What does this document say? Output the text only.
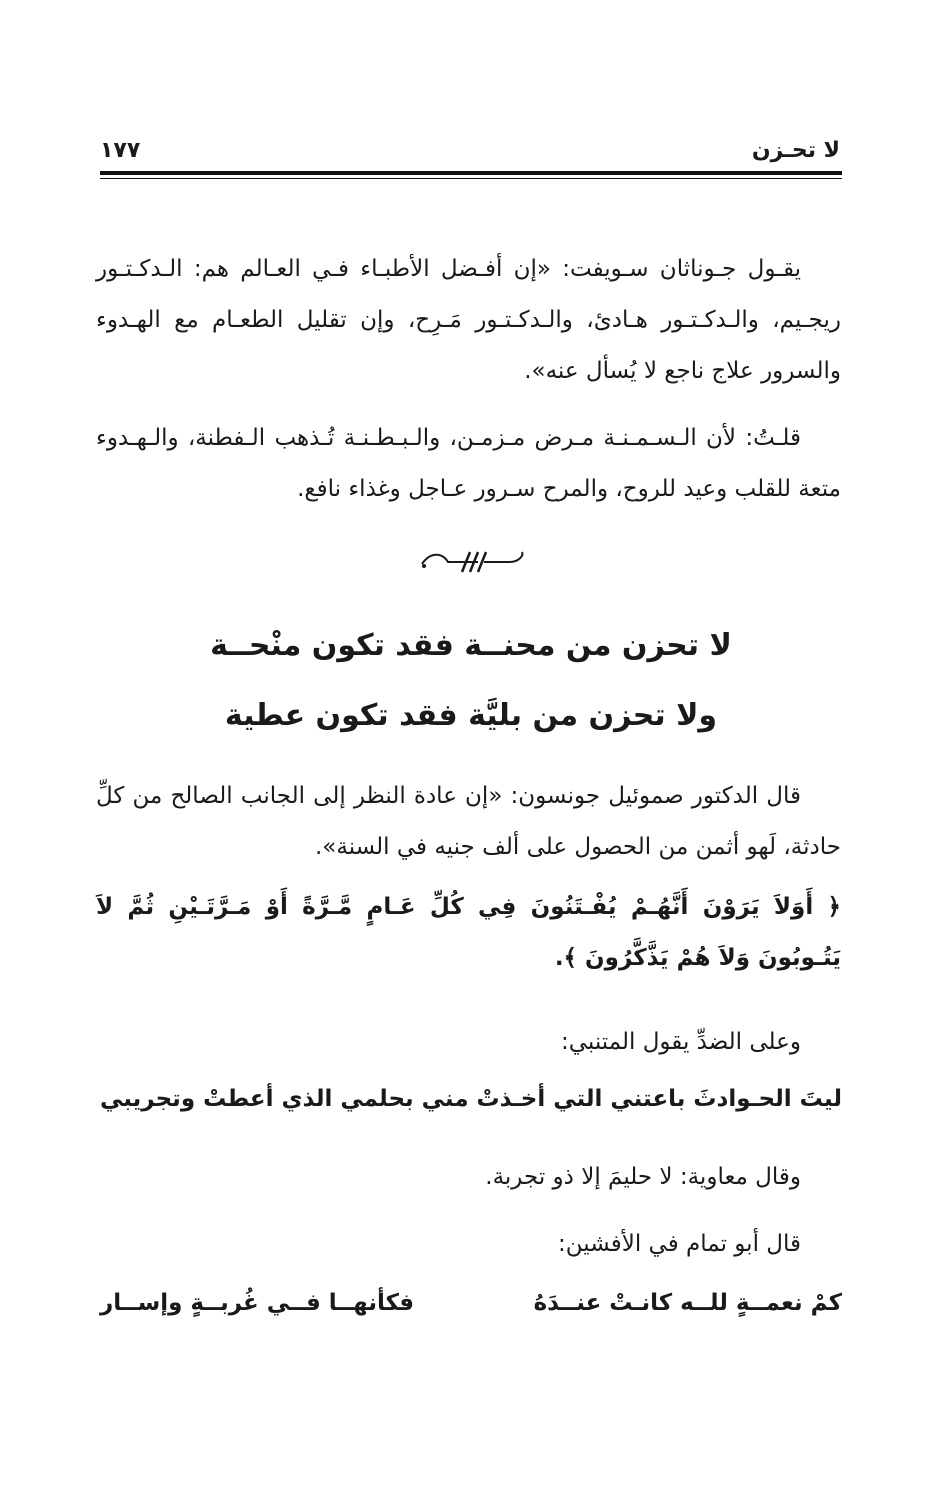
لا تحـزن
١٧٧
يقـول جـوناثان سـويفت: «إن أفـضل الأطبـاء فـي العـالم هم: الـدكـتـور ريجـيم، والـدكـتـور هـادئ، والـدكـتـور مَـرِح، وإن تقليل الطعـام مع الهـدوء والسرور علاج ناجع لا يُسأل عنه».
قلـتُ: لأن الـسـمـنـة مـرض مـزمـن، والـبـطـنـة تُـذهب الـفطنة، والـهـدوء متعة للقلب وعيد للروح، والمرح سـرور عـاجل وغذاء نافع.
لا تحزن من محنــة فقد تكون منْحــة
ولا تحزن من بليَّة فقد تكون عطية
قال الدكتور صموئيل جونسون: «إن عادة النظر إلى الجانب الصالح من كلِّ حادثة، لَهو أثمن من الحصول على ألف جنيه في السنة».
﴿ أَوَلاَ يَرَوْنَ أَنَّهُـمْ يُفْـتَنُونَ فِي كُلِّ عَـامٍ مَّـرَّةً أَوْ مَـرَّتَـيْنِ ثُمَّ لاَ يَتُـوبُونَ وَلاَ هُمْ يَذَّكَّرُونَ ﴾.
وعلى الضدِّ يقول المتنبي:
ليتَ الحـوادثَ باعتني التي أخـذتْ
مني بحلمي الذي أعطتْ وتجريبي
وقال معاوية: لا حليمَ إلا ذو تجربة.
قال أبو تمام في الأفشين:
كمْ نعمــةٍ للــه كانـتْ عنــدَهُ
فكأنهــا فــي غُربــةٍ وإســار
